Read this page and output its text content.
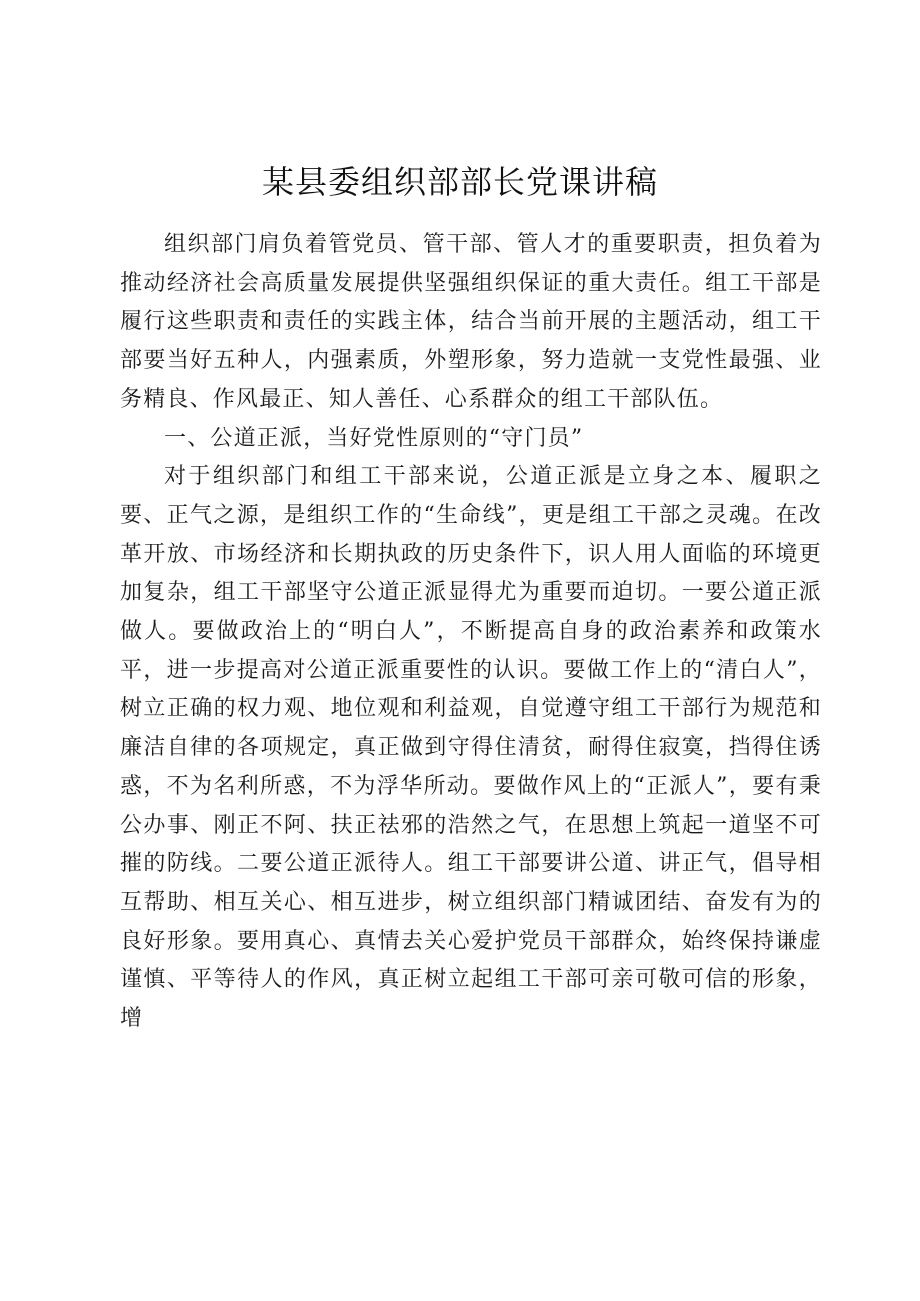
某县委组织部部长党课讲稿

组织部门肩负着管党员、管干部、管人才的重要职责，担负着为推动经济社会高质量发展提供坚强组织保证的重大责任。组工干部是履行这些职责和责任的实践主体，结合当前开展的主题活动，组工干部要当好五种人，内强素质，外塑形象，努力造就一支党性最强、业务精良、作风最正、知人善任、心系群众的组工干部队伍。

一、公道正派，当好党性原则的“守门员”

对于组织部门和组工干部来说，公道正派是立身之本、履职之要、正气之源，是组织工作的“生命线”，更是组工干部之灵魂。在改革开放、市场经济和长期执政的历史条件下，识人用人面临的环境更加复杂，组工干部坚守公道正派显得尤为重要而迫切。一要公道正派做人。要做政治上的“明白人”，不断提高自身的政治素养和政策水平，进一步提高对公道正派重要性的认识。要做工作上的“清白人”，树立正确的权力观、地位观和利益观，自觉遵守组工干部行为规范和廉洁自律的各项规定，真正做到守得住清贫，耐得住寂寞，挡得住诱惑，不为名利所惑，不为浮华所动。要做作风上的“正派人”，要有秉公办事、刚正不阿、扶正祛邪的浩然之气，在思想上筑起一道坚不可摧的防线。二要公道正派待人。组工干部要讲公道、讲正气，倡导相互帮助、相互关心、相互进步，树立组织部门精诚团结、奋发有为的良好形象。要用真心、真情去关心爱护党员干部群众，始终保持谦虚谨慎、平等待人的作风，真正树立起组工干部可亲可敬可信的形象，增
